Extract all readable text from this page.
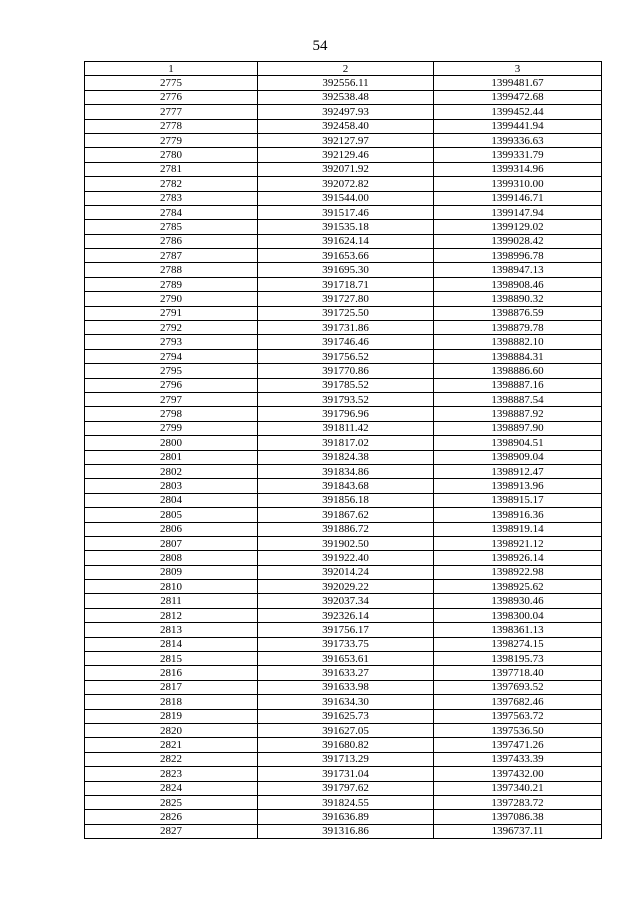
54
1	2	3
2775	392556.11	1399481.67
2776	392538.48	1399472.68
2777	392497.93	1399452.44
2778	392458.40	1399441.94
2779	392127.97	1399336.63
2780	392129.46	1399331.79
2781	392071.92	1399314.96
2782	392072.82	1399310.00
2783	391544.00	1399146.71
2784	391517.46	1399147.94
2785	391535.18	1399129.02
2786	391624.14	1399028.42
2787	391653.66	1398996.78
2788	391695.30	1398947.13
2789	391718.71	1398908.46
2790	391727.80	1398890.32
2791	391725.50	1398876.59
2792	391731.86	1398879.78
2793	391746.46	1398882.10
2794	391756.52	1398884.31
2795	391770.86	1398886.60
2796	391785.52	1398887.16
2797	391793.52	1398887.54
2798	391796.96	1398887.92
2799	391811.42	1398897.90
2800	391817.02	1398904.51
2801	391824.38	1398909.04
2802	391834.86	1398912.47
2803	391843.68	1398913.96
2804	391856.18	1398915.17
2805	391867.62	1398916.36
2806	391886.72	1398919.14
2807	391902.50	1398921.12
2808	391922.40	1398926.14
2809	392014.24	1398922.98
2810	392029.22	1398925.62
2811	392037.34	1398930.46
2812	392326.14	1398300.04
2813	391756.17	1398361.13
2814	391733.75	1398274.15
2815	391653.61	1398195.73
2816	391633.27	1397718.40
2817	391633.98	1397693.52
2818	391634.30	1397682.46
2819	391625.73	1397563.72
2820	391627.05	1397536.50
2821	391680.82	1397471.26
2822	391713.29	1397433.39
2823	391731.04	1397432.00
2824	391797.62	1397340.21
2825	391824.55	1397283.72
2826	391636.89	1397086.38
2827	391316.86	1396737.11
